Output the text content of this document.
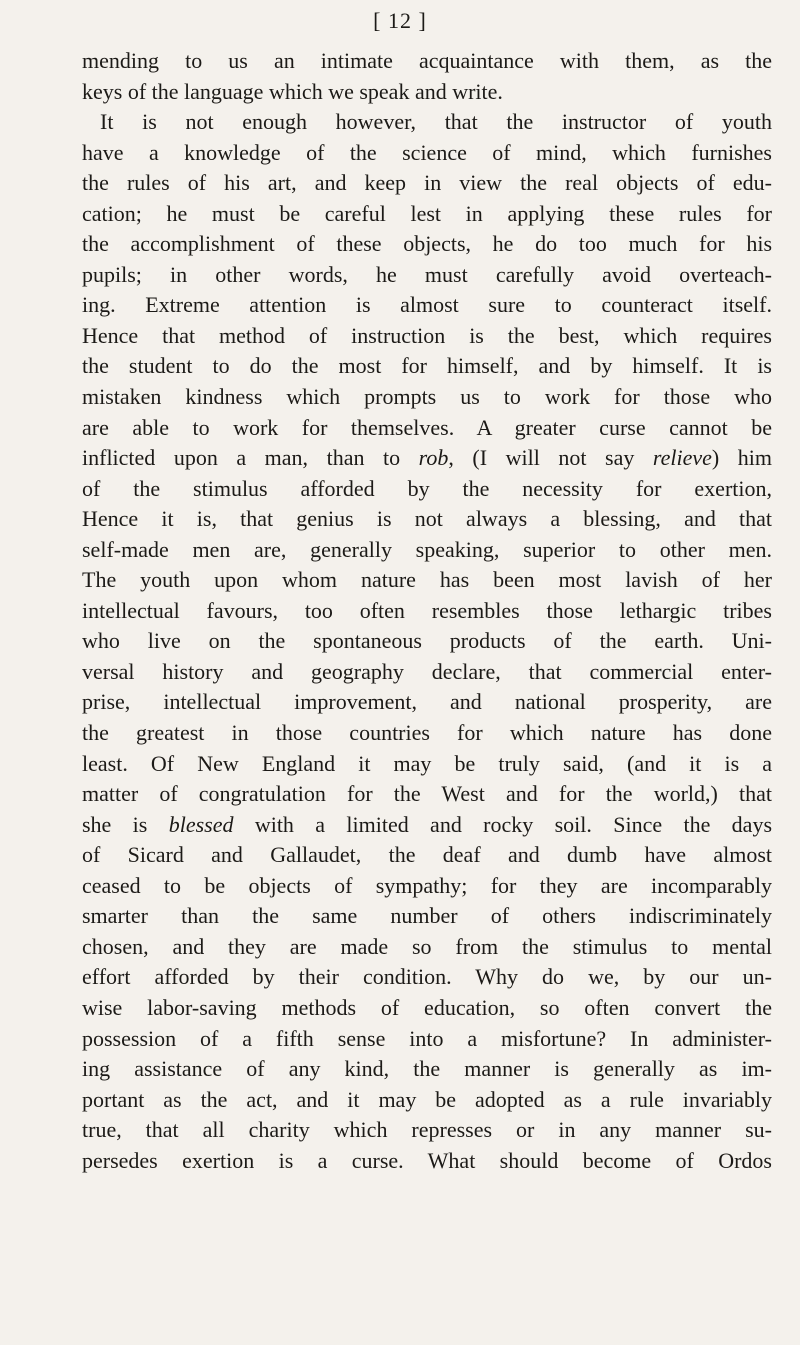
[ 12 ]
mending to us an intimate acquaintance with them, as the
keys of the language which we speak and write.
It is not enough however, that the instructor of youth
have a knowledge of the science of mind, which furnishes
the rules of his art, and keep in view the real objects of edu-
cation; he must be careful lest in applying these rules for
the accomplishment of these objects, he do too much for his
pupils; in other words, he must carefully avoid overteach-
ing. Extreme attention is almost sure to counteract itself.
Hence that method of instruction is the best, which requires
the student to do the most for himself, and by himself. It is
mistaken kindness which prompts us to work for those who
are able to work for themselves. A greater curse cannot be
inflicted upon a man, than to rob, (I will not say relieve) him
of the stimulus afforded by the necessity for exertion,
Hence it is, that genius is not always a blessing, and that
self-made men are, generally speaking, superior to other men.
The youth upon whom nature has been most lavish of her
intellectual favours, too often resembles those lethargic tribes
who live on the spontaneous products of the earth. Uni-
versal history and geography declare, that commercial enter-
prise, intellectual improvement, and national prosperity, are
the greatest in those countries for which nature has done
least. Of New England it may be truly said, (and it is a
matter of congratulation for the West and for the world,) that
she is blessed with a limited and rocky soil. Since the days
of Sicard and Gallaudet, the deaf and dumb have almost
ceased to be objects of sympathy; for they are incomparably
smarter than the same number of others indiscriminately
chosen, and they are made so from the stimulus to mental
effort afforded by their condition. Why do we, by our un-
wise labor-saving methods of education, so often convert the
possession of a fifth sense into a misfortune? In administer-
ing assistance of any kind, the manner is generally as im-
portant as the act, and it may be adopted as a rule invariably
true, that all charity which represses or in any manner su-
persedes exertion is a curse. What should become of Ordos
